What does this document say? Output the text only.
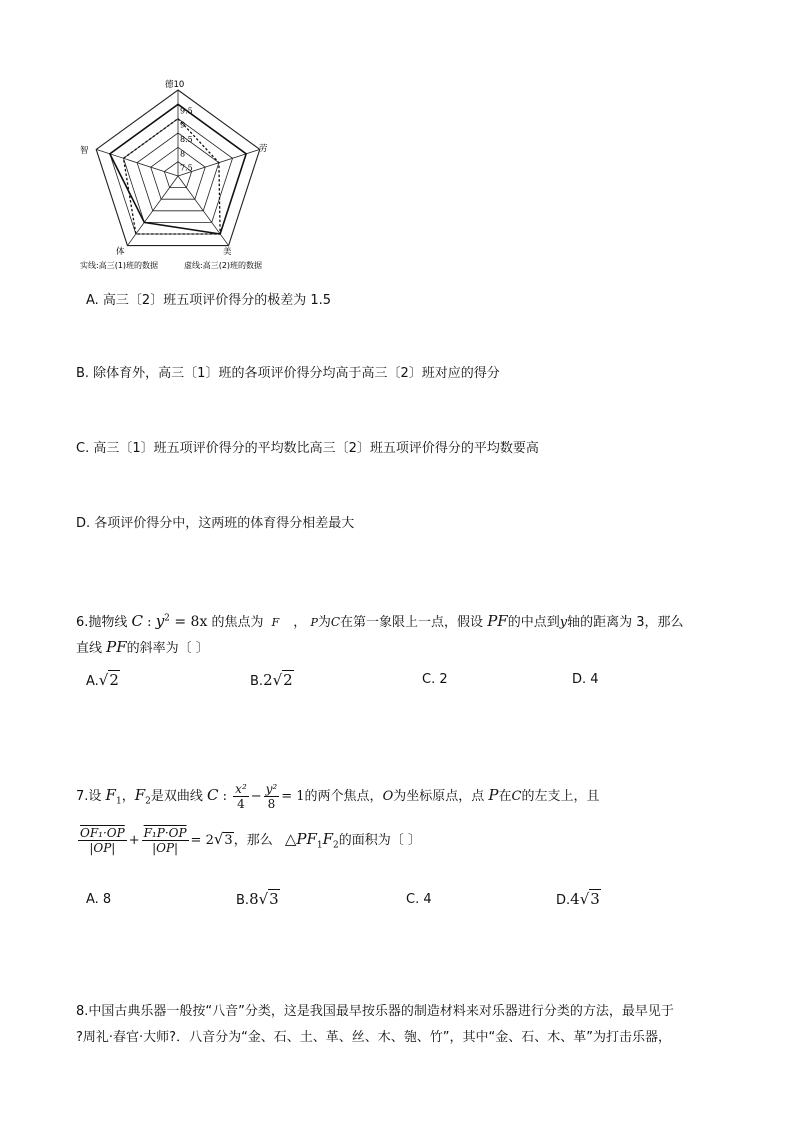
9.5
9
8.5
8
7.5
德10
劳
美
体
智
实线:高三(1)班的数据	虚线:高三(2)班的数据
A. 高三〔2〕班五项评价得分的极差为 1.5
B. 除体育外，高三〔1〕班的各项评价得分均高于高三〔2〕班对应的得分
C. 高三〔1〕班五项评价得分的平均数比高三〔2〕班五项评价得分的平均数要高
D. 各项评价得分中，这两班的体育得分相差最大
6.抛物线 C : $y^2 = 8x$ 的焦点为 F ， P为C在第一象限上一点，假设 PF的中点到y轴的距离为 3，那么
直线 PF的斜率为〔 〕
A.√2	B.2√2	C. 2	D. 4
7.设 $F_1$，$F_2$是双曲线 C : $\frac{\text{x²}}{4} - \frac{\text{y²}}{8} = 1$的两个焦点，O为坐标原点，点 P在C的左支上，且
$\frac{\text{OF₁·OP}}{|OP|} + \frac{\text{F₁P·OP}}{|OP|} = 2√3$，那么 $\triangle PF_1F_2$的面积为〔 〕
A. 8	B.8√3	C. 4	D.4√3
8.中国古典乐器一般按“八音”分类，这是我国最早按乐器的制造材料来对乐器进行分类的方法，最早见于
?周礼·春官·大师?．八音分为“金、石、土、革、丝、木、匏、竹”，其中“金、石、木、革”为打击乐器，
